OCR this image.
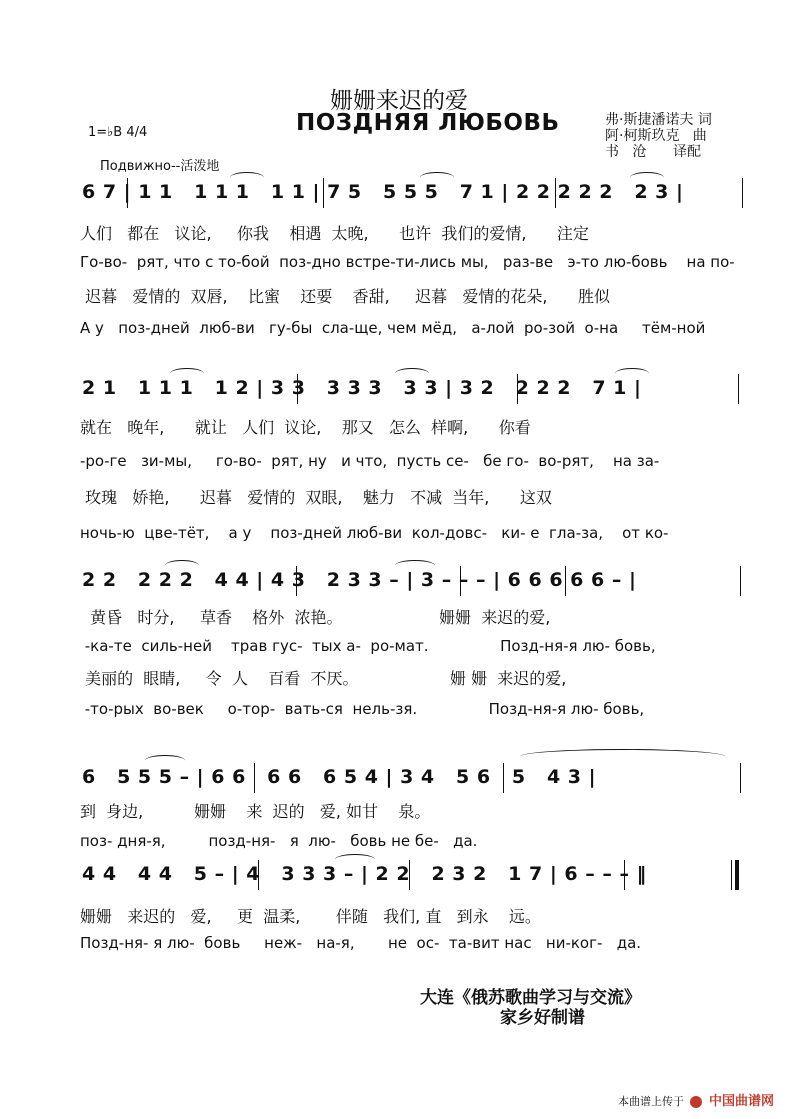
姗姗来迟的爱
ПОЗДНЯЯ ЛЮБОВЬ
1=♭B 4/4
Подвижно--活泼地
弗·斯捷潘诺夫 词
阿·柯斯玖克   曲
书   沧      译配
6 7 | 1 1   1 1 1   1 1 | 7 5   5 5 5   7 1 | 2 2 2 2 2   2 3 |
人们   都在   议论,     你我    相遇  太晚,      也许  我们的爱情,      注定
Го-во-  рят, что с то-бой  поз-дно встре-ти-лись мы,   раз-ве   э-то лю-бовь    на по-
迟暮   爱情的  双唇,    比蜜    还要    香甜,     迟暮   爱情的花朵,      胜似
А у   поз-дней  люб-ви   гу-бы  сла-ще, чем мёд,   а-лой  ро-зой  о-на     тём-ной
2 1   1 1 1   1 2 | 3 3   3 3 3   3 3 | 3 2   2 2 2   7 1 |
就在   晚年,      就让   人们  议论,    那又   怎么  样啊,      你看
-ро-ге   зи-мы,     го-во-  рят, ну   и что,  пусть се-   бе го-  во-рят,    на за-
玫瑰   娇艳,      迟暮   爱情的  双眼,    魅力   不减  当年,      这双
ночь-ю  цве-тёт,    а у    поз-дней люб-ви  кол-довс-   ки- е  гла-за,    от ко-
2 2   2 2 2   4 4 | 4 3   2 3 3 – | 3 – – – | 6 6 6 6 6 – |
黄昏   时分,     草香    格外  浓艳。                   姗姗  来迟的爱,
-ка-те  силь-ней    трав гус-  тых а-  ро-мат.               Позд-ня-я лю- бовь,
美丽的  眼睛,     令  人    百看  不厌。                  姗 姗  来迟的爱,
-то-рых  во-век     о-тор-  вать-ся  нель-зя.               Позд-ня-я лю- бовь,
6   5 5 5 – | 6 6   6 6   6 5 4 | 3 4   5 6   5   4 3 |
到  身边,          姗姗    来  迟的   爱, 如甘    泉。
поз- дня-я,         позд-ня-   я  лю-   бовь не бе-   да.
4 4   4 4   5 – | 4   3 3 3 – | 2 2   2 3 2   1 7 | 6 – – – ‖
姗姗   来迟的   爱,     更  温柔,       伴随   我们, 直   到永    远。
Позд-ня- я лю-  бовь     неж-   на-я,       не  ос-  та-вит нас   ни-ког-   да.
大连《俄苏歌曲学习与交流》
家乡好制谱
本曲谱上传于 中国曲谱网
